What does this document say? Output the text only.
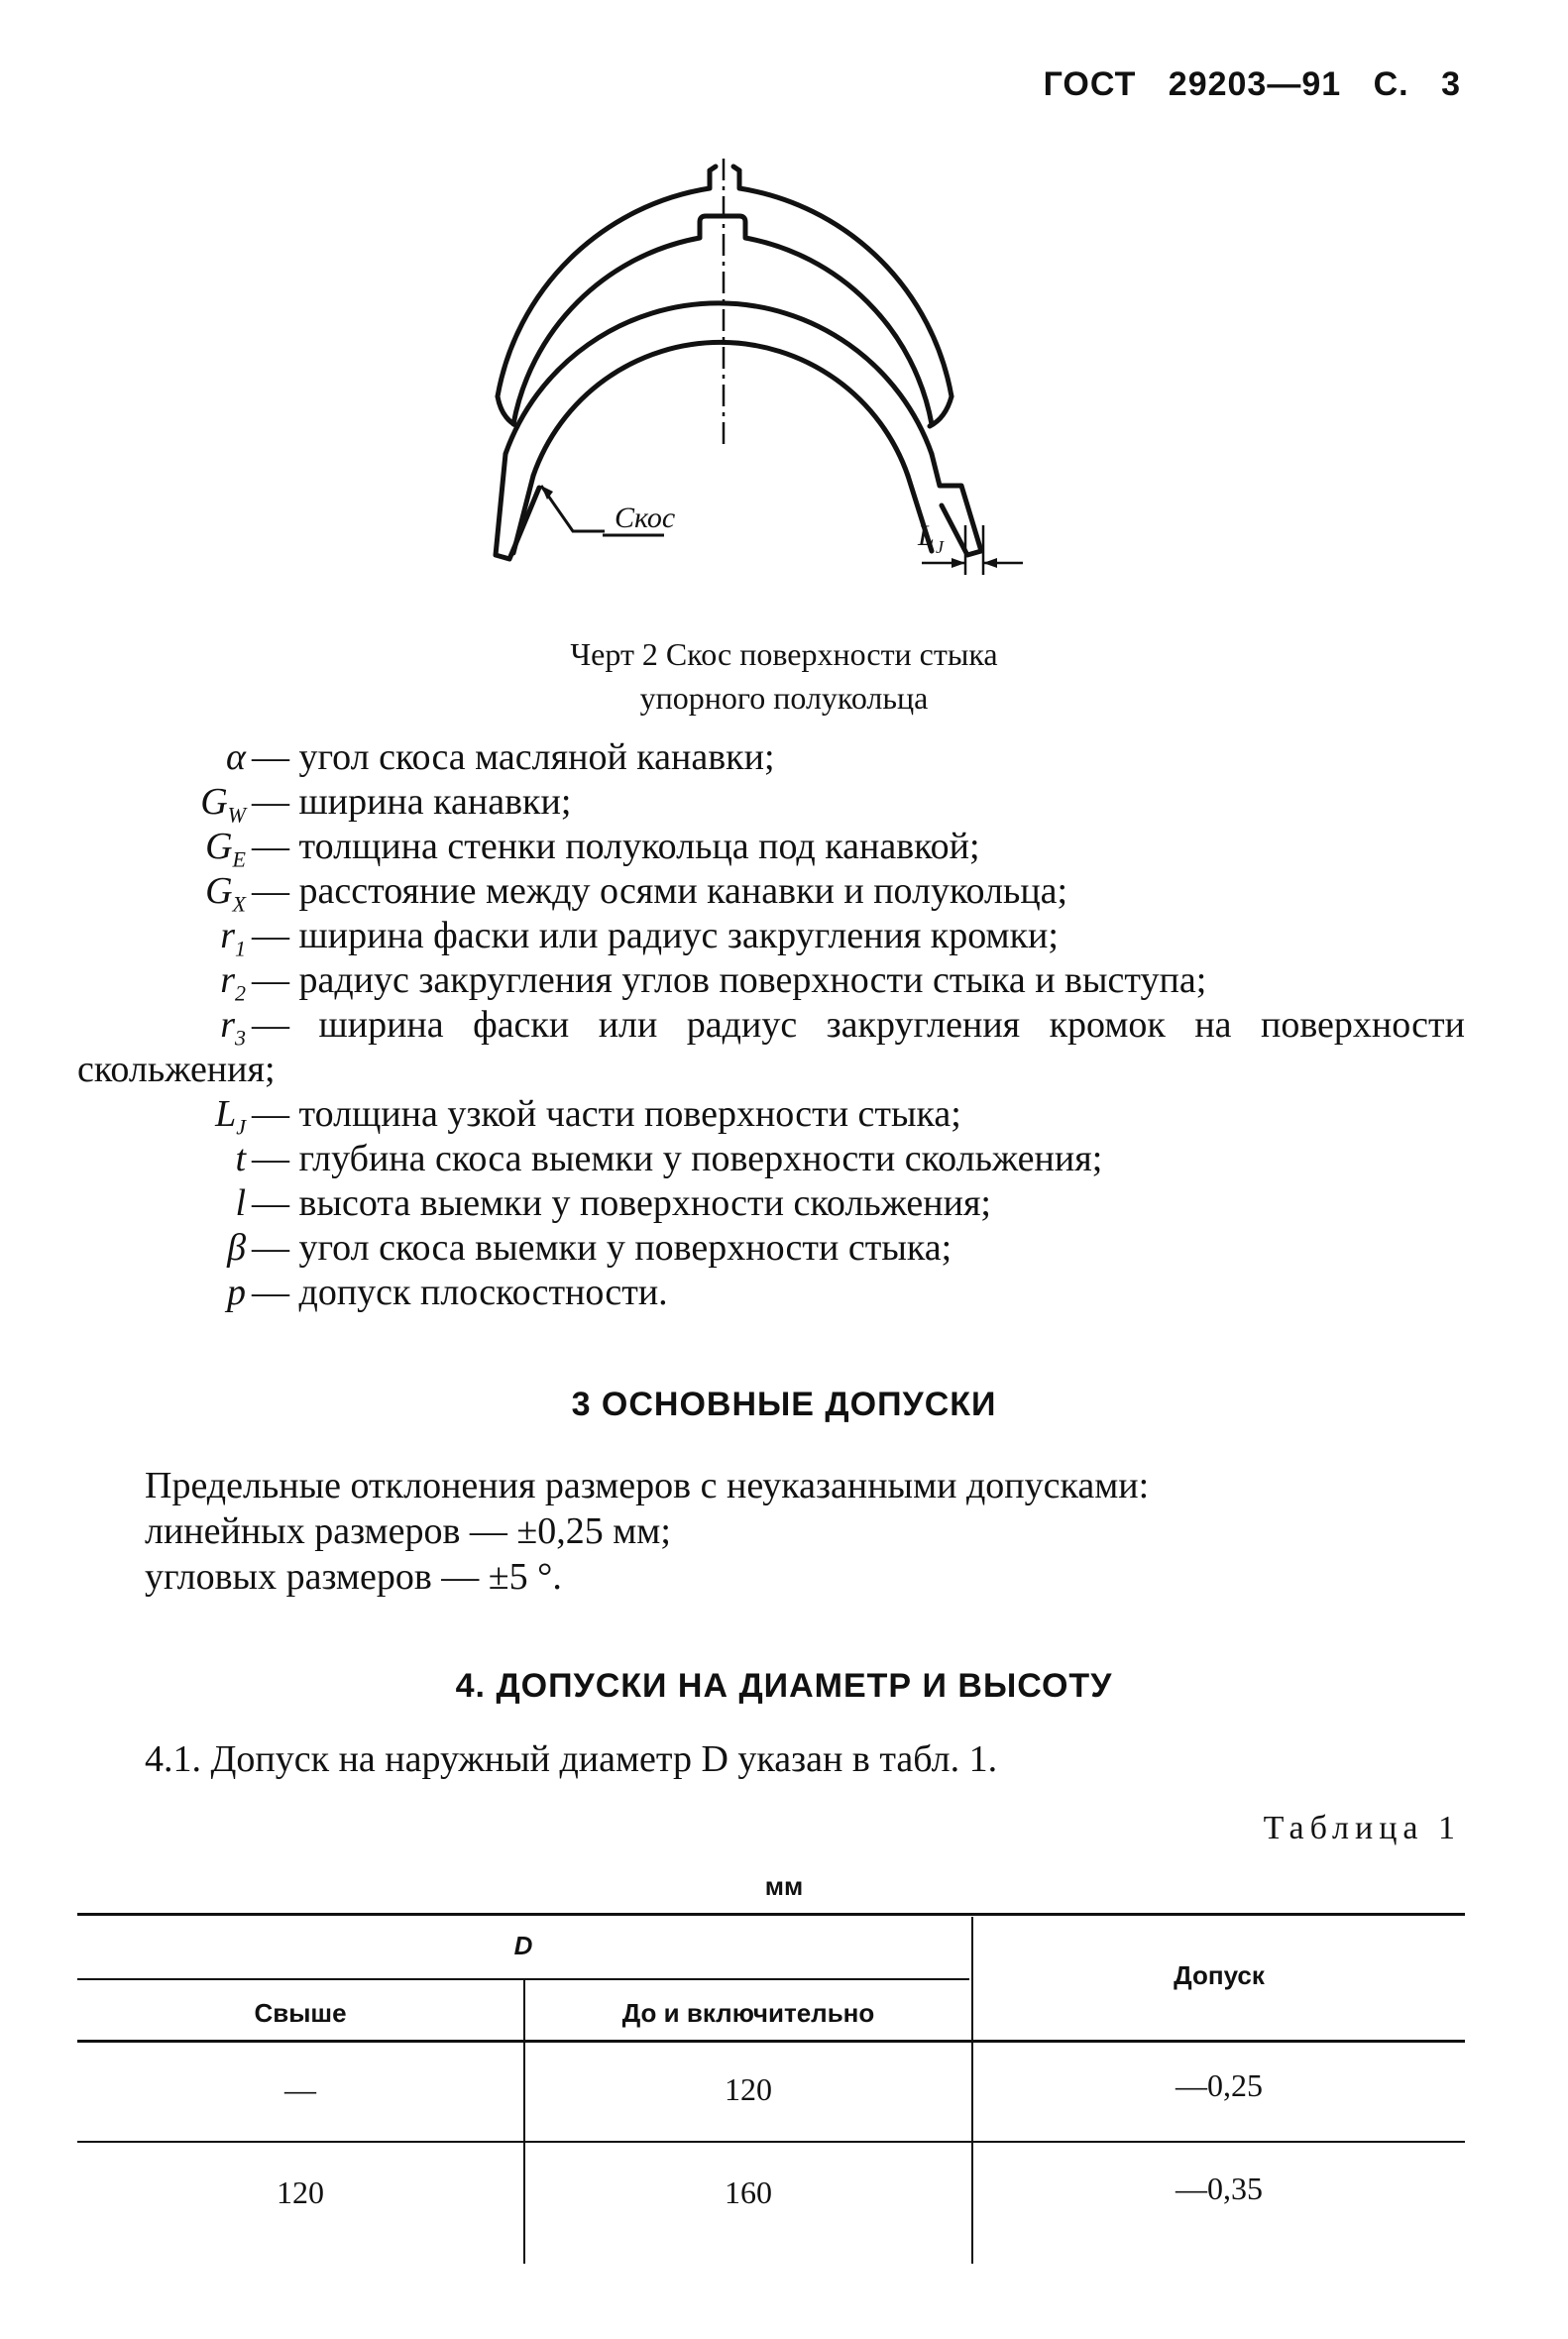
ГОСТ 29203—91 С. 3
Скос
L J
Черт 2 Скос поверхности стыка
упорного полукольца
α — угол скоса масляной канавки;
$G_W$ — ширина канавки;
$G_E$ — толщина стенки полукольца под канавкой;
$G_X$ — расстояние между осями канавки и полукольца;
$r_1$ — ширина фаски или радиус закругления кромки;
$r_2$ — радиус закругления углов поверхности стыка и выступа;
$r_3$ — ширина фаски или радиус закругления кромок на поверхности скольжения;
$L_J$ — толщина узкой части поверхности стыка;
t — глубина скоса выемки у поверхности скольжения;
l — высота выемки у поверхности скольжения;
β — угол скоса выемки у поверхности стыка;
p — допуск плоскостности.
3 ОСНОВНЫЕ ДОПУСКИ
Предельные отклонения размеров с неуказанными допусками:
линейных размеров — ±0,25 мм;
угловых размеров — ±5 °.
4. ДОПУСКИ НА ДИАМЕТР И ВЫСОТУ
4.1. Допуск на наружный диаметр D указан в табл. 1.
Таблица 1
мм
D
Свыше	До и включительно
Допуск
—	120	—0,25
120	160	—0,35
